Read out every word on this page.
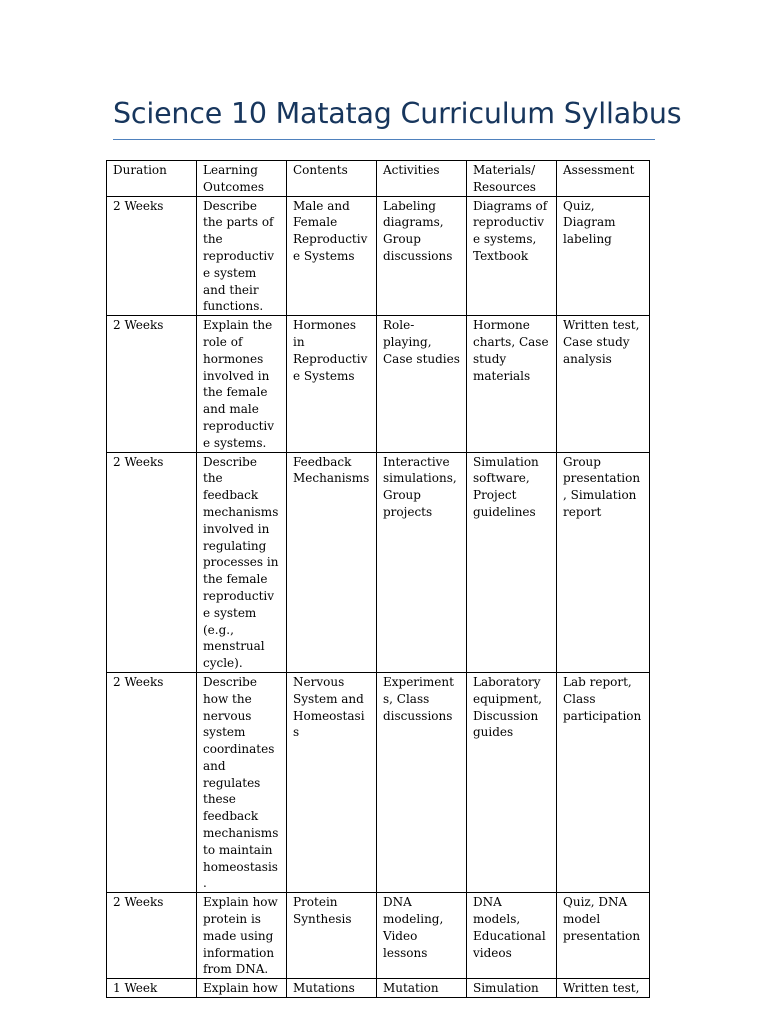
Science 10 Matatag Curriculum Syllabus
Duration	Learning Outcomes	Contents	Activities	Materials/ Resources	Assessment
2 Weeks	Describe the parts of the reproductive system and their functions.	Male and Female Reproductive Systems	Labeling diagrams, Group discussions	Diagrams of reproductive systems, Textbook	Quiz, Diagram labeling
2 Weeks	Explain the role of hormones involved in the female and male reproductive systems.	Hormones in Reproductive Systems	Role-playing, Case studies	Hormone charts, Case study materials	Written test, Case study analysis
2 Weeks	Describe the feedback mechanisms involved in regulating processes in the female reproductive system (e.g., menstrual cycle).	Feedback Mechanisms	Interactive simulations, Group projects	Simulation software, Project guidelines	Group presentation, Simulation report
2 Weeks	Describe how the nervous system coordinates and regulates these feedback mechanisms to maintain homeostasis.	Nervous System and Homeostasis	Experiments, Class discussions	Laboratory equipment, Discussion guides	Lab report, Class participation
2 Weeks	Explain how protein is made using information from DNA.	Protein Synthesis	DNA modeling, Video lessons	DNA models, Educational videos	Quiz, DNA model presentation
1 Week	Explain how	Mutations	Mutation	Simulation	Written test,
